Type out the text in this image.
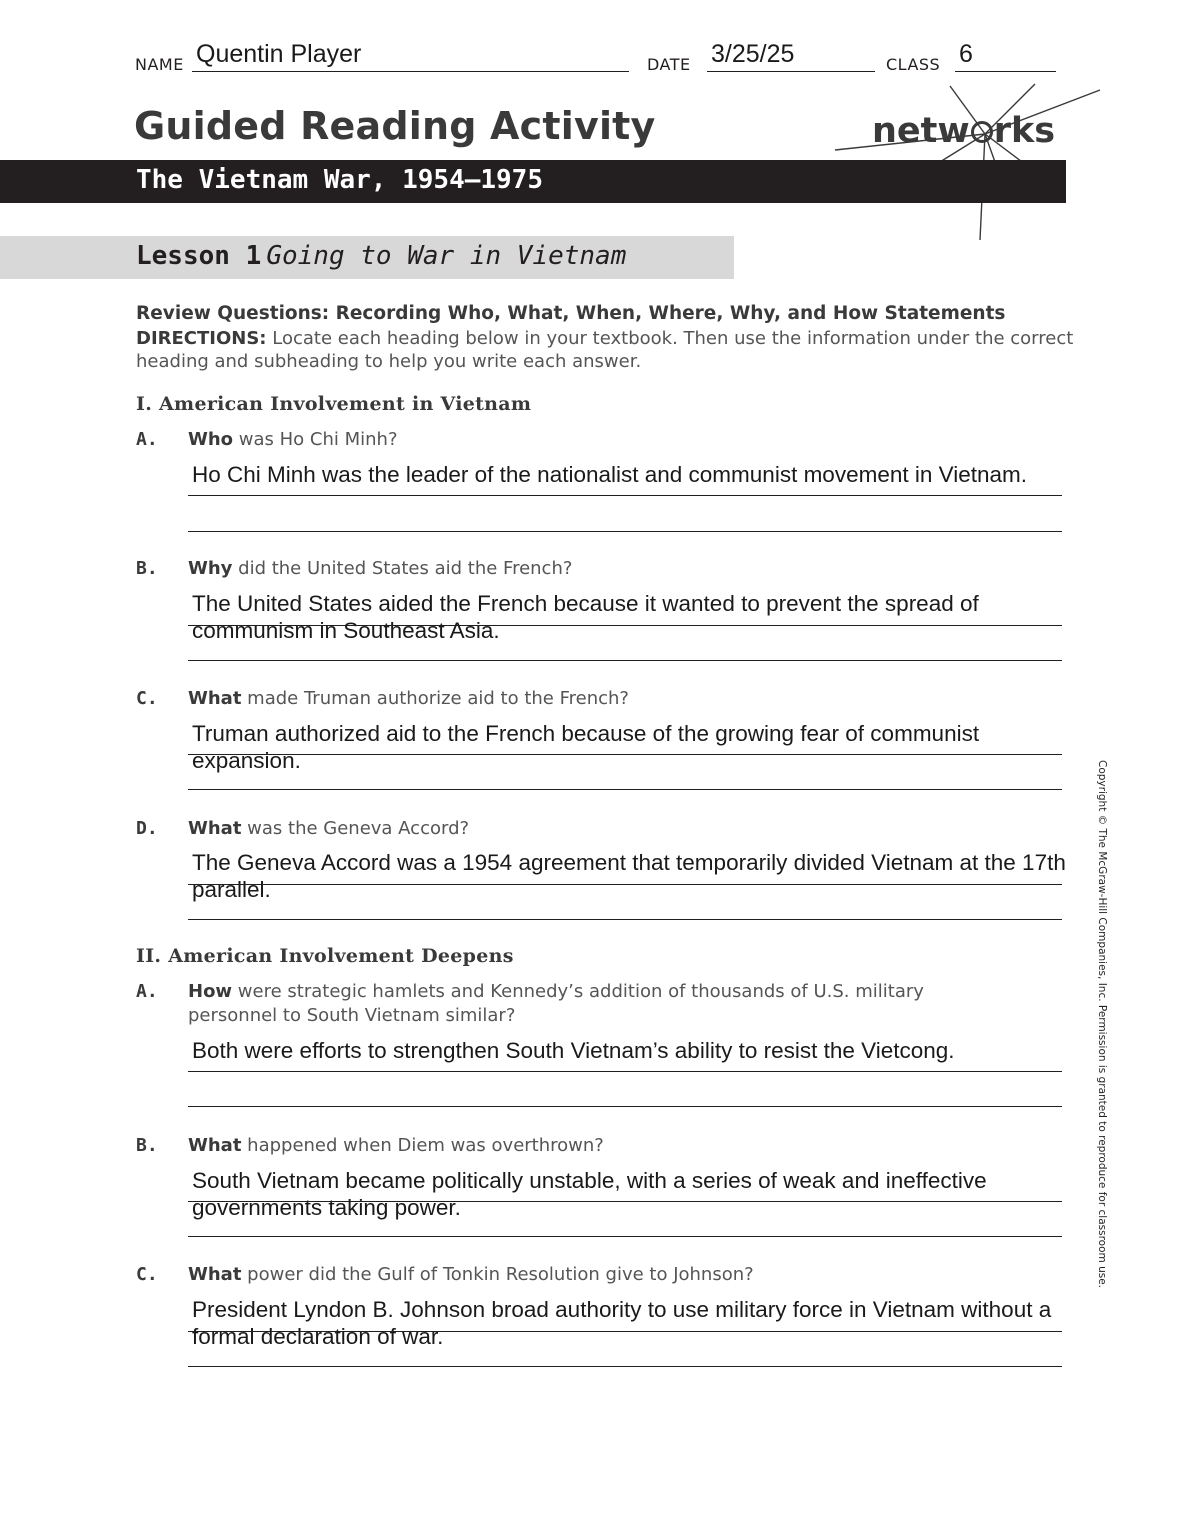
NAME Quentin Player	DATE 3/25/25	CLASS 6
Guided Reading Activity	netw rks
The Vietnam War, 1954–1975
Lesson 1 Going to War in Vietnam
Review Questions: Recording Who, What, When, Where, Why, and How Statements
DIRECTIONS: Locate each heading below in your textbook. Then use the information under the correct heading and subheading to help you write each answer.
I. American Involvement in Vietnam
A. Who was Ho Chi Minh?
Ho Chi Minh was the leader of the nationalist and communist movement in Vietnam.
B. Why did the United States aid the French?
The United States aided the French because it wanted to prevent the spread of communism in Southeast Asia.
C. What made Truman authorize aid to the French?
Truman authorized aid to the French because of the growing fear of communist expansion.
D. What was the Geneva Accord?
The Geneva Accord was a 1954 agreement that temporarily divided Vietnam at the 17th parallel.
II. American Involvement Deepens
A. How were strategic hamlets and Kennedy’s addition of thousands of U.S. military personnel to South Vietnam similar?
Both were efforts to strengthen South Vietnam’s ability to resist the Vietcong.
B. What happened when Diem was overthrown?
South Vietnam became politically unstable, with a series of weak and ineffective governments taking power.
C. What power did the Gulf of Tonkin Resolution give to Johnson?
President Lyndon B. Johnson broad authority to use military force in Vietnam without a formal declaration of war.
Copyright © The McGraw-Hill Companies, Inc. Permission is granted to reproduce for classroom use.
